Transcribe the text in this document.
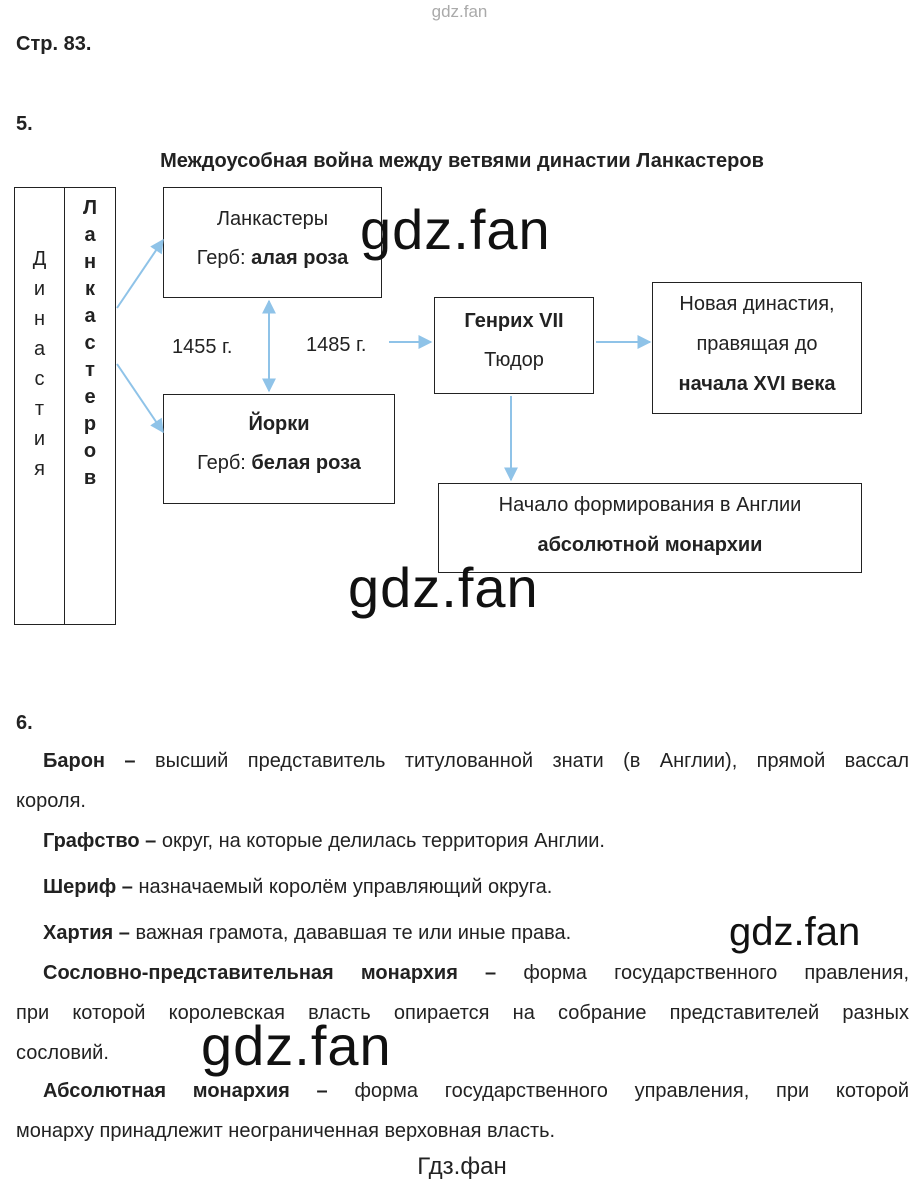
gdz.fan
Стр. 83.
5.
Междоусобная война между ветвями династии Ланкастеров
Д
и
н
а
с
т
и
я
Л
а
н
к
а
с
т
е
р
о
в
Ланкастеры
Герб: алая роза
Йорки
Герб: белая роза
Генрих VII
Тюдор
Новая династия,
правящая до
начала XVI века
Начало формирования в Англии
абсолютной монархии
1455 г.	1485 г.
gdz.fan
gdz.fan
gdz.fan
gdz.fan
6.
Барон – высший представитель титулованной знати (в Англии), прямой вассал
короля.
Графство – округ, на которые делилась территория Англии.
Шериф – назначаемый королём управляющий округа.
Хартия – важная грамота, дававшая те или иные права.
Сословно-представительная монархия – форма государственного правления,
при которой королевская власть опирается на собрание представителей разных
сословий.
Абсолютная монархия – форма государственного управления, при которой
монарху принадлежит неограниченная верховная власть.
Гдз.фан
